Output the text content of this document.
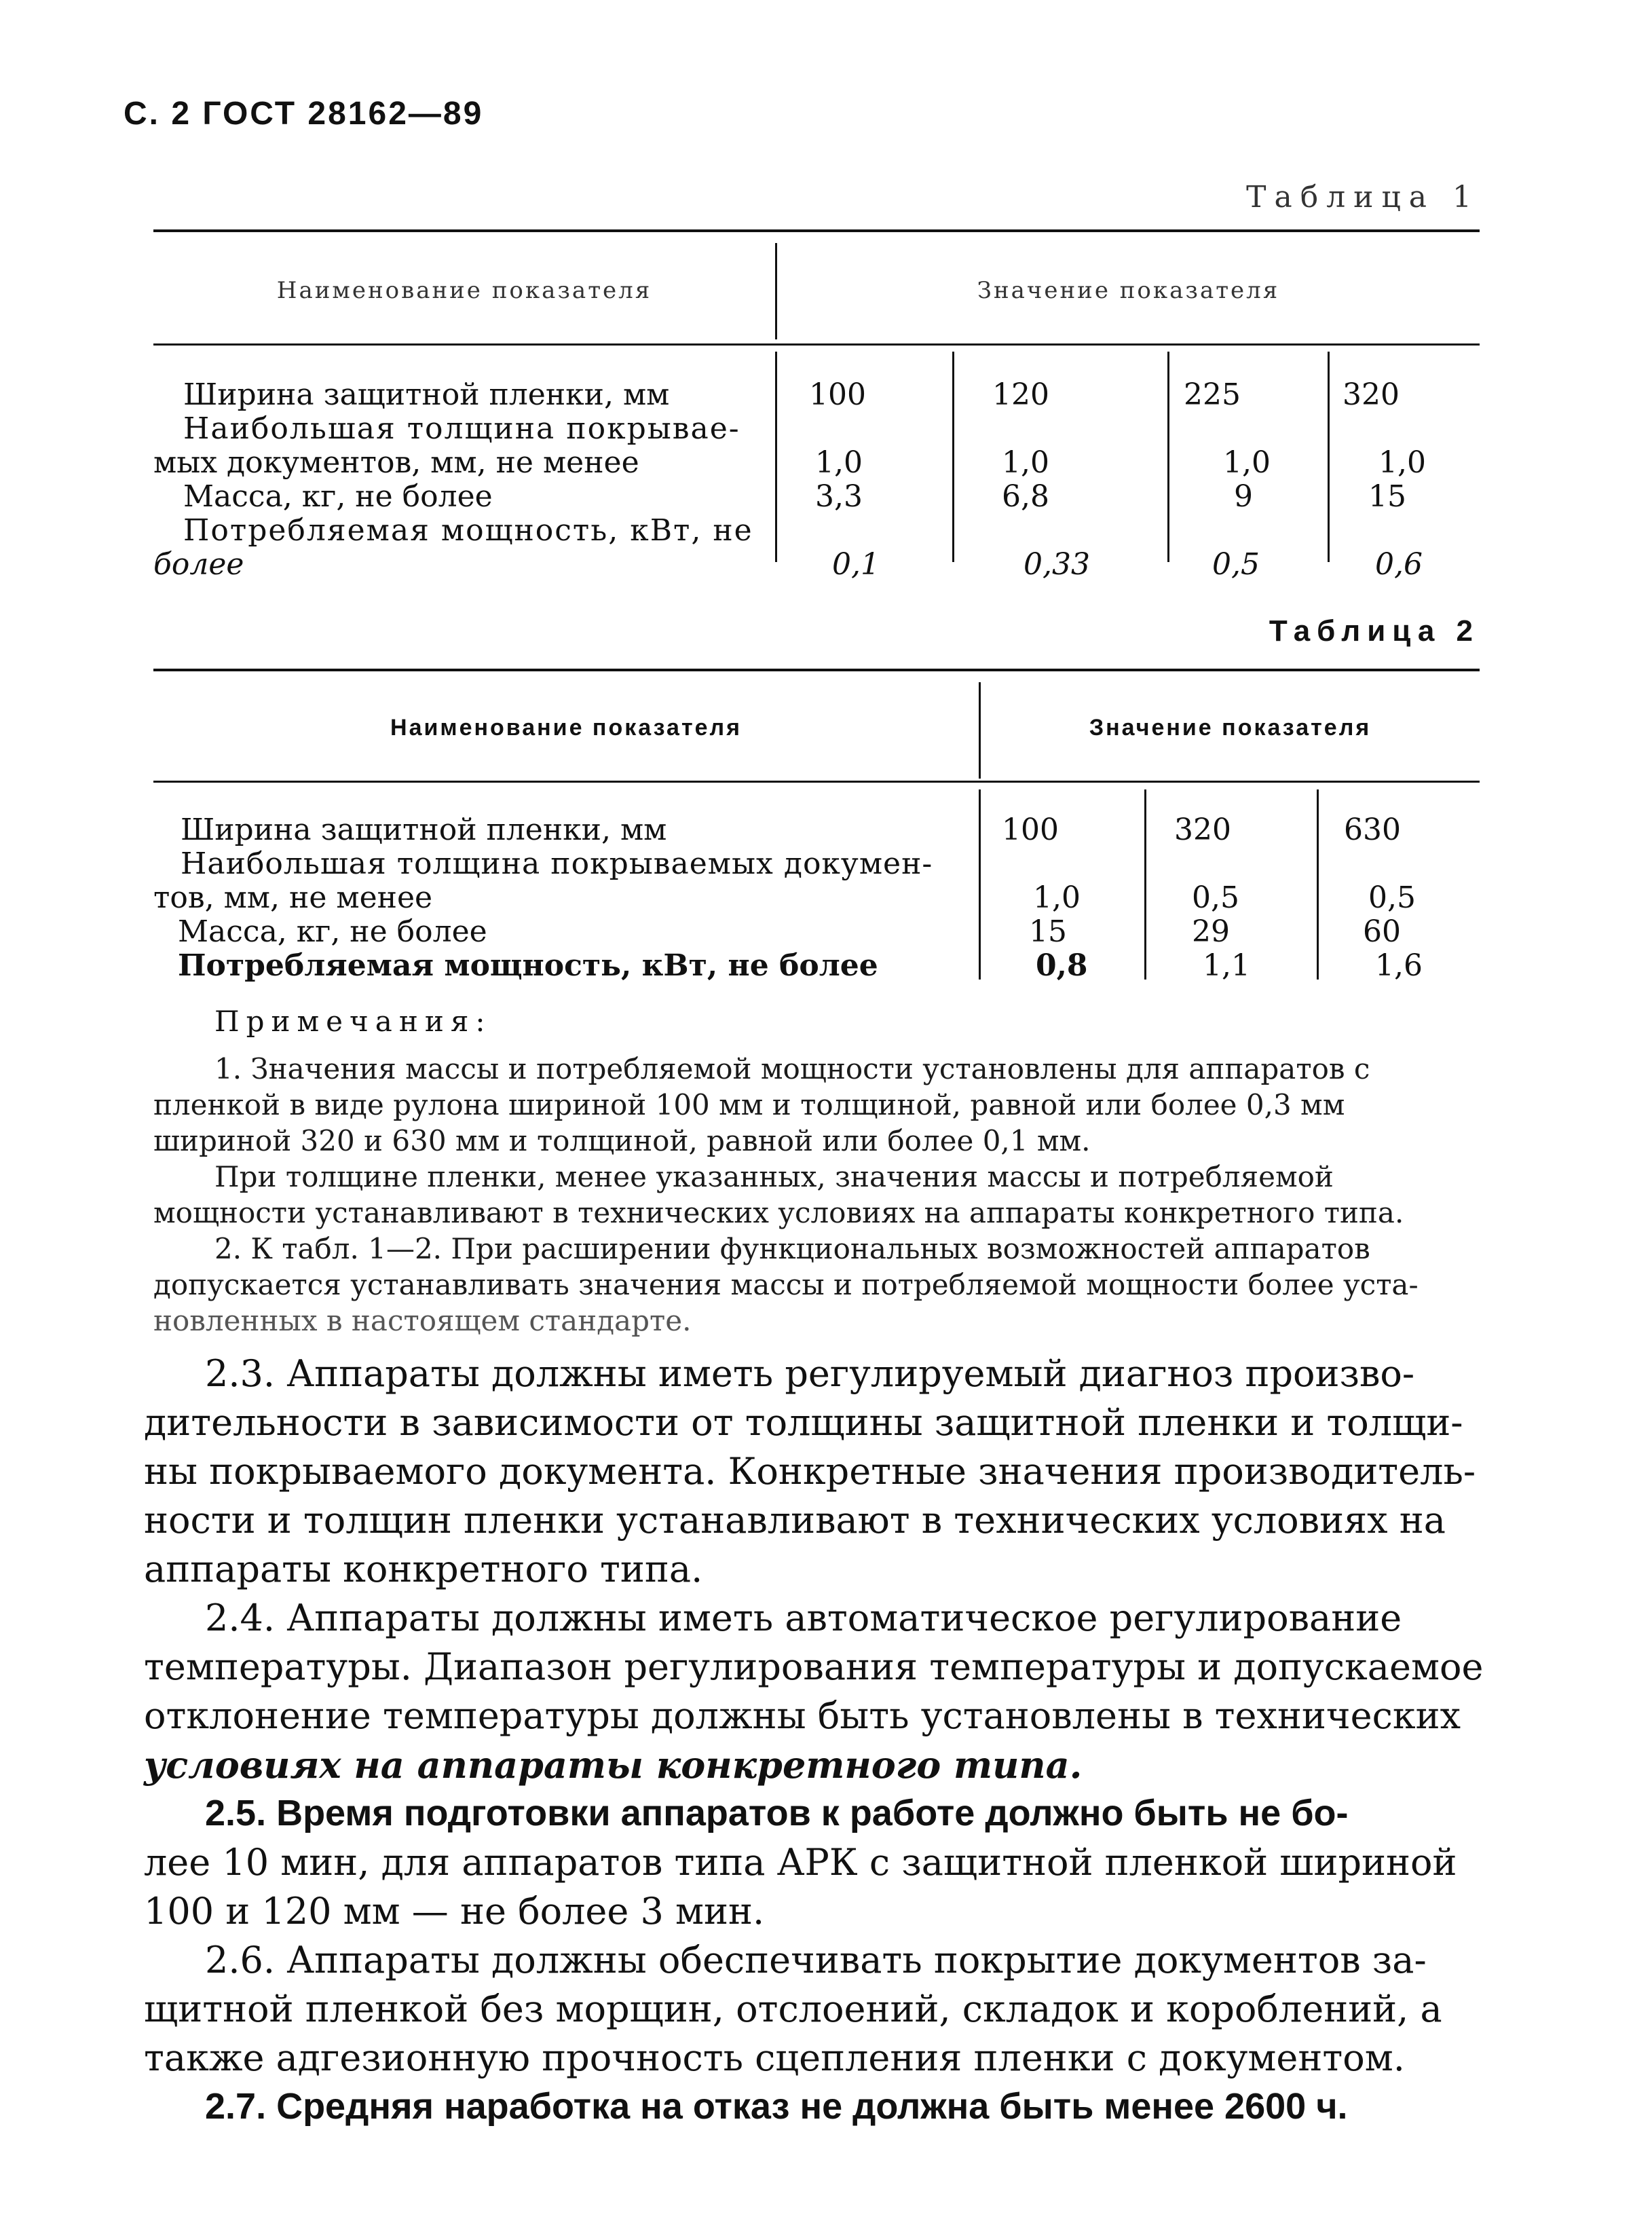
С. 2 ГОСТ 28162—89
Таблица 1
Наименование показателя	Значение показателя
Ширина защитной пленки, мм	100	120	225	320
Наибольшая толщина покрывае-
мых документов, мм, не менее	1,0	1,0	1,0	1,0
Масса, кг, не более	3,3	6,8	9	15
Потребляемая мощность, кВт, не
более	0,1	0,33	0,5	0,6
Таблица 2
Наименование показателя	Значение показателя
Ширина защитной пленки, мм	100	320	630
Наибольшая толщина покрываемых докумен-
тов, мм, не менее	1,0	0,5	0,5
Масса, кг, не более	15	29	60
Потребляемая мощность, кВт, не более	0,8	1,1	1,6
Примечания:
1. Значения массы и потребляемой мощности установлены для аппаратов с
пленкой в виде рулона шириной 100 мм и толщиной, равной или более 0,3 мм
шириной 320 и 630 мм и толщиной, равной или более 0,1 мм.
При толщине пленки, менее указанных, значения массы и потребляемой
мощности устанавливают в технических условиях на аппараты конкретного типа.
2. К табл. 1—2. При расширении функциональных возможностей аппаратов
допускается устанавливать значения массы и потребляемой мощности более уста-
новленных в настоящем стандарте.
2.3. Аппараты должны иметь регулируемый диагноз произво-
дительности в зависимости от толщины защитной пленки и толщи-
ны покрываемого документа. Конкретные значения производитель-
ности и толщин пленки устанавливают в технических условиях на
аппараты конкретного типа.
2.4. Аппараты должны иметь автоматическое регулирование
температуры. Диапазон регулирования температуры и допускаемое
отклонение температуры должны быть установлены в технических
условиях на аппараты конкретного типа.
2.5. Время подготовки аппаратов к работе должно быть не бо-
лее 10 мин, для аппаратов типа АРК с защитной пленкой шириной
100 и 120 мм — не более 3 мин.
2.6. Аппараты должны обеспечивать покрытие документов за-
щитной пленкой без морщин, отслоений, складок и короблений, а
также адгезионную прочность сцепления пленки с документом.
2.7. Средняя наработка на отказ не должна быть менее 2600 ч.
